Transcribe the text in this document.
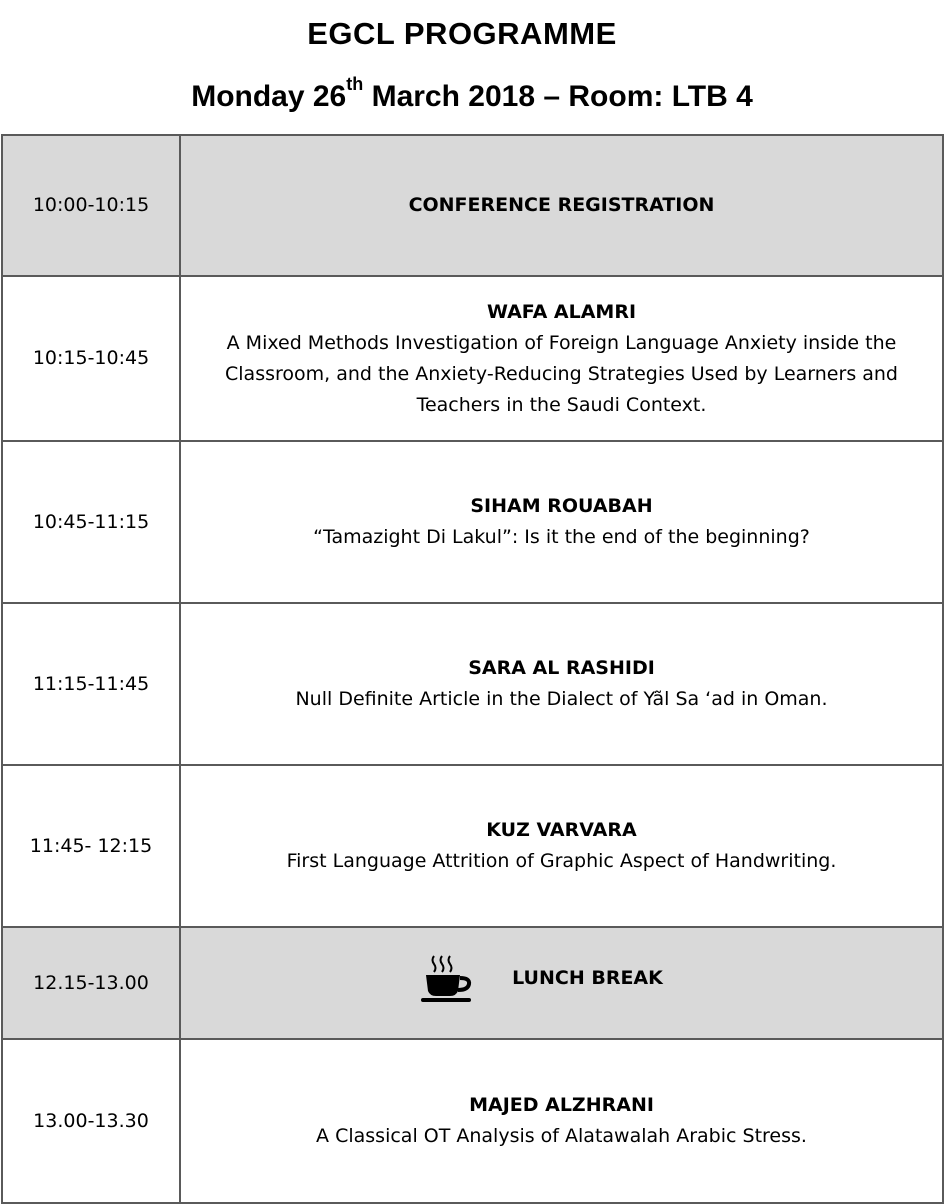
EGCL PROGRAMME
Monday 26th March 2018 – Room: LTB 4
10:00-10:15	CONFERENCE REGISTRATION
10:15-10:45	WAFA ALAMRI
A Mixed Methods Investigation of Foreign Language Anxiety inside the Classroom, and the Anxiety-Reducing Strategies Used by Learners and Teachers in the Saudi Context.

10:45-11:15	SIHAM ROUABAH
“Tamazight Di Lakul”: Is it the end of the beginning?

11:15-11:45	SARA AL RASHIDI
Null Definite Article in the Dialect of Yãl Sa ‘ad in Oman.

11:45- 12:15	KUZ VARVARA
First Language Attrition of Graphic Aspect of Handwriting.

12.15-13.00	LUNCH BREAK

13.00-13.30	MAJED ALZHRANI
A Classical OT Analysis of Alatawalah Arabic Stress.
